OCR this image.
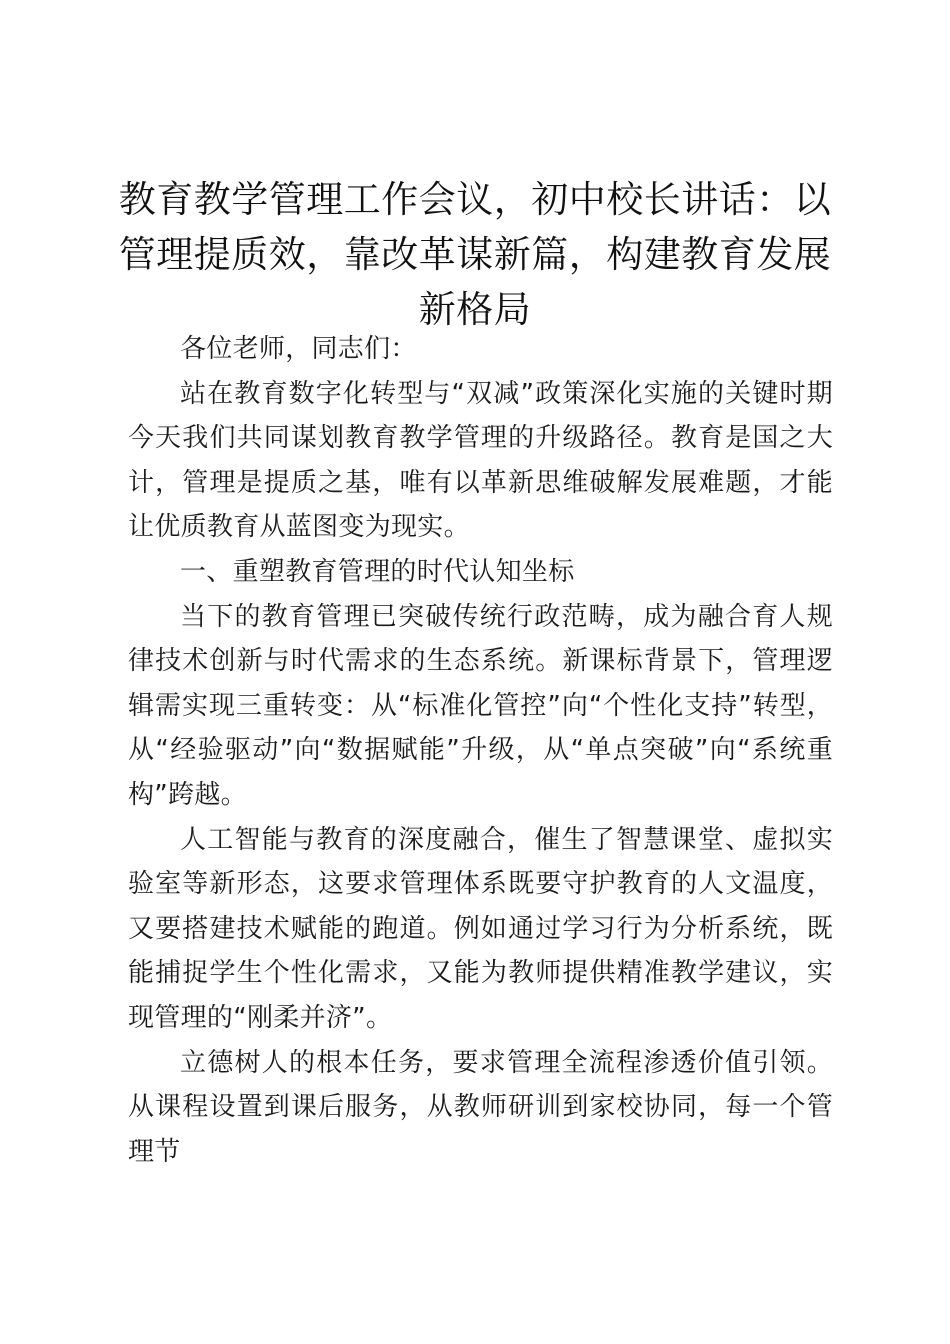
教育教学管理工作会议，初中校长讲话：以管理提质效，靠改革谋新篇，构建教育发展新格局

各位老师，同志们：

站在教育数字化转型与“双减”政策深化实施的关键时期今天我们共同谋划教育教学管理的升级路径。教育是国之大计，管理是提质之基，唯有以革新思维破解发展难题，才能让优质教育从蓝图变为现实。

一、重塑教育管理的时代认知坐标

当下的教育管理已突破传统行政范畴，成为融合育人规律技术创新与时代需求的生态系统。新课标背景下，管理逻辑需实现三重转变：从“标准化管控”向“个性化支持”转型，从“经验驱动”向“数据赋能”升级，从“单点突破”向“系统重构”跨越。

人工智能与教育的深度融合，催生了智慧课堂、虚拟实验室等新形态，这要求管理体系既要守护教育的人文温度，又要搭建技术赋能的跑道。例如通过学习行为分析系统，既能捕捉学生个性化需求，又能为教师提供精准教学建议，实现管理的“刚柔并济”。

立德树人的根本任务，要求管理全流程渗透价值引领。从课程设置到课后服务，从教师研训到家校协同，每一个管理节
